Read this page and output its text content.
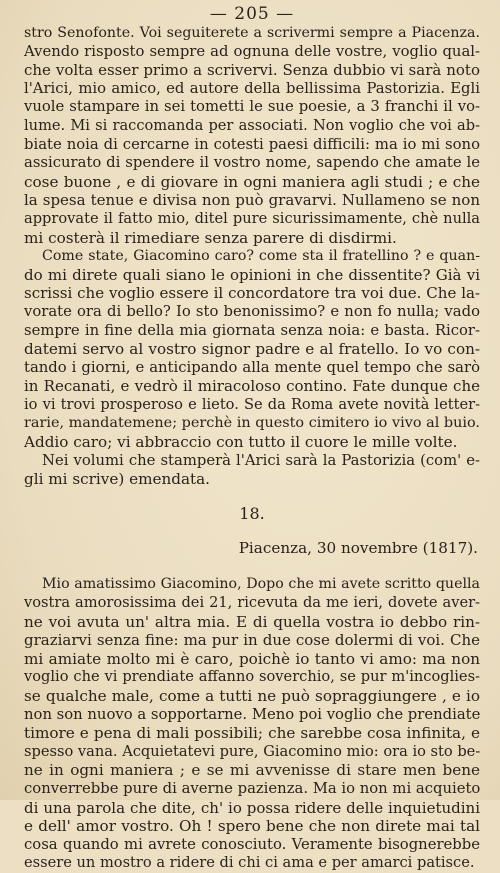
— 205 —
stro Senofonte. Voi seguiterete a scrivermi sempre a Piacenza.
Avendo risposto sempre ad ognuna delle vostre, voglio qual-
che volta esser primo a scrivervi. Senza dubbio vi sarà noto
l'Arici, mio amico, ed autore della bellissima Pastorizia. Egli
vuole stampare in sei tometti le sue poesie, a 3 franchi il vo-
lume. Mi si raccomanda per associati. Non voglio che voi ab-
biate noia di cercarne in cotesti paesi difficili: ma io mi sono
assicurato di spendere il vostro nome, sapendo che amate le
cose buone , e di giovare in ogni maniera agli studi ; e che
la spesa tenue e divisa non può gravarvi. Nullameno se non
approvate il fatto mio, ditel pure sicurissimamente, chè nulla
mi costerà il rimediare senza parere di disdirmi.
Come state, Giacomino caro? come sta il fratellino ? e quan-
do mi direte quali siano le opinioni in che dissentite? Già vi
scrissi che voglio essere il concordatore tra voi due. Che la-
vorate ora di bello? Io sto benonissimo? e non fo nulla; vado
sempre in fine della mia giornata senza noia: e basta. Ricor-
datemi servo al vostro signor padre e al fratello. Io vo con-
tando i giorni, e anticipando alla mente quel tempo che sarò
in Recanati, e vedrò il miracoloso contino. Fate dunque che
io vi trovi prosperoso e lieto. Se da Roma avete novità letter-
rarie, mandatemene; perchè in questo cimitero io vivo al buio.
Addio caro; vi abbraccio con tutto il cuore le mille volte.
Nei volumi che stamperà l'Arici sarà la Pastorizia (com' e-
gli mi scrive) emendata.
18.
Piacenza, 30 novembre (1817).
Mio amatissimo Giacomino, Dopo che mi avete scritto quella
vostra amorosissima dei 21, ricevuta da me ieri, dovete aver-
ne voi avuta un' altra mia. E di quella vostra io debbo rin-
graziarvi senza fine: ma pur in due cose dolermi di voi. Che
mi amiate molto mi è caro, poichè io tanto vi amo: ma non
voglio che vi prendiate affanno soverchio, se pur m'incoglies-
se qualche male, come a tutti ne può sopraggiungere , e io
non son nuovo a sopportarne. Meno poi voglio che prendiate
timore e pena di mali possibili; che sarebbe cosa infinita, e
spesso vana. Acquietatevi pure, Giacomino mio: ora io sto be-
ne in ogni maniera ; e se mi avvenisse di stare men bene
converrebbe pure di averne pazienza. Ma io non mi acquieto
di una parola che dite, ch' io possa ridere delle inquietudini
e dell' amor vostro. Oh ! spero bene che non direte mai tal
cosa quando mi avrete conosciuto. Veramente bisognerebbe
essere un mostro a ridere di chi ci ama e per amarci patisce.
